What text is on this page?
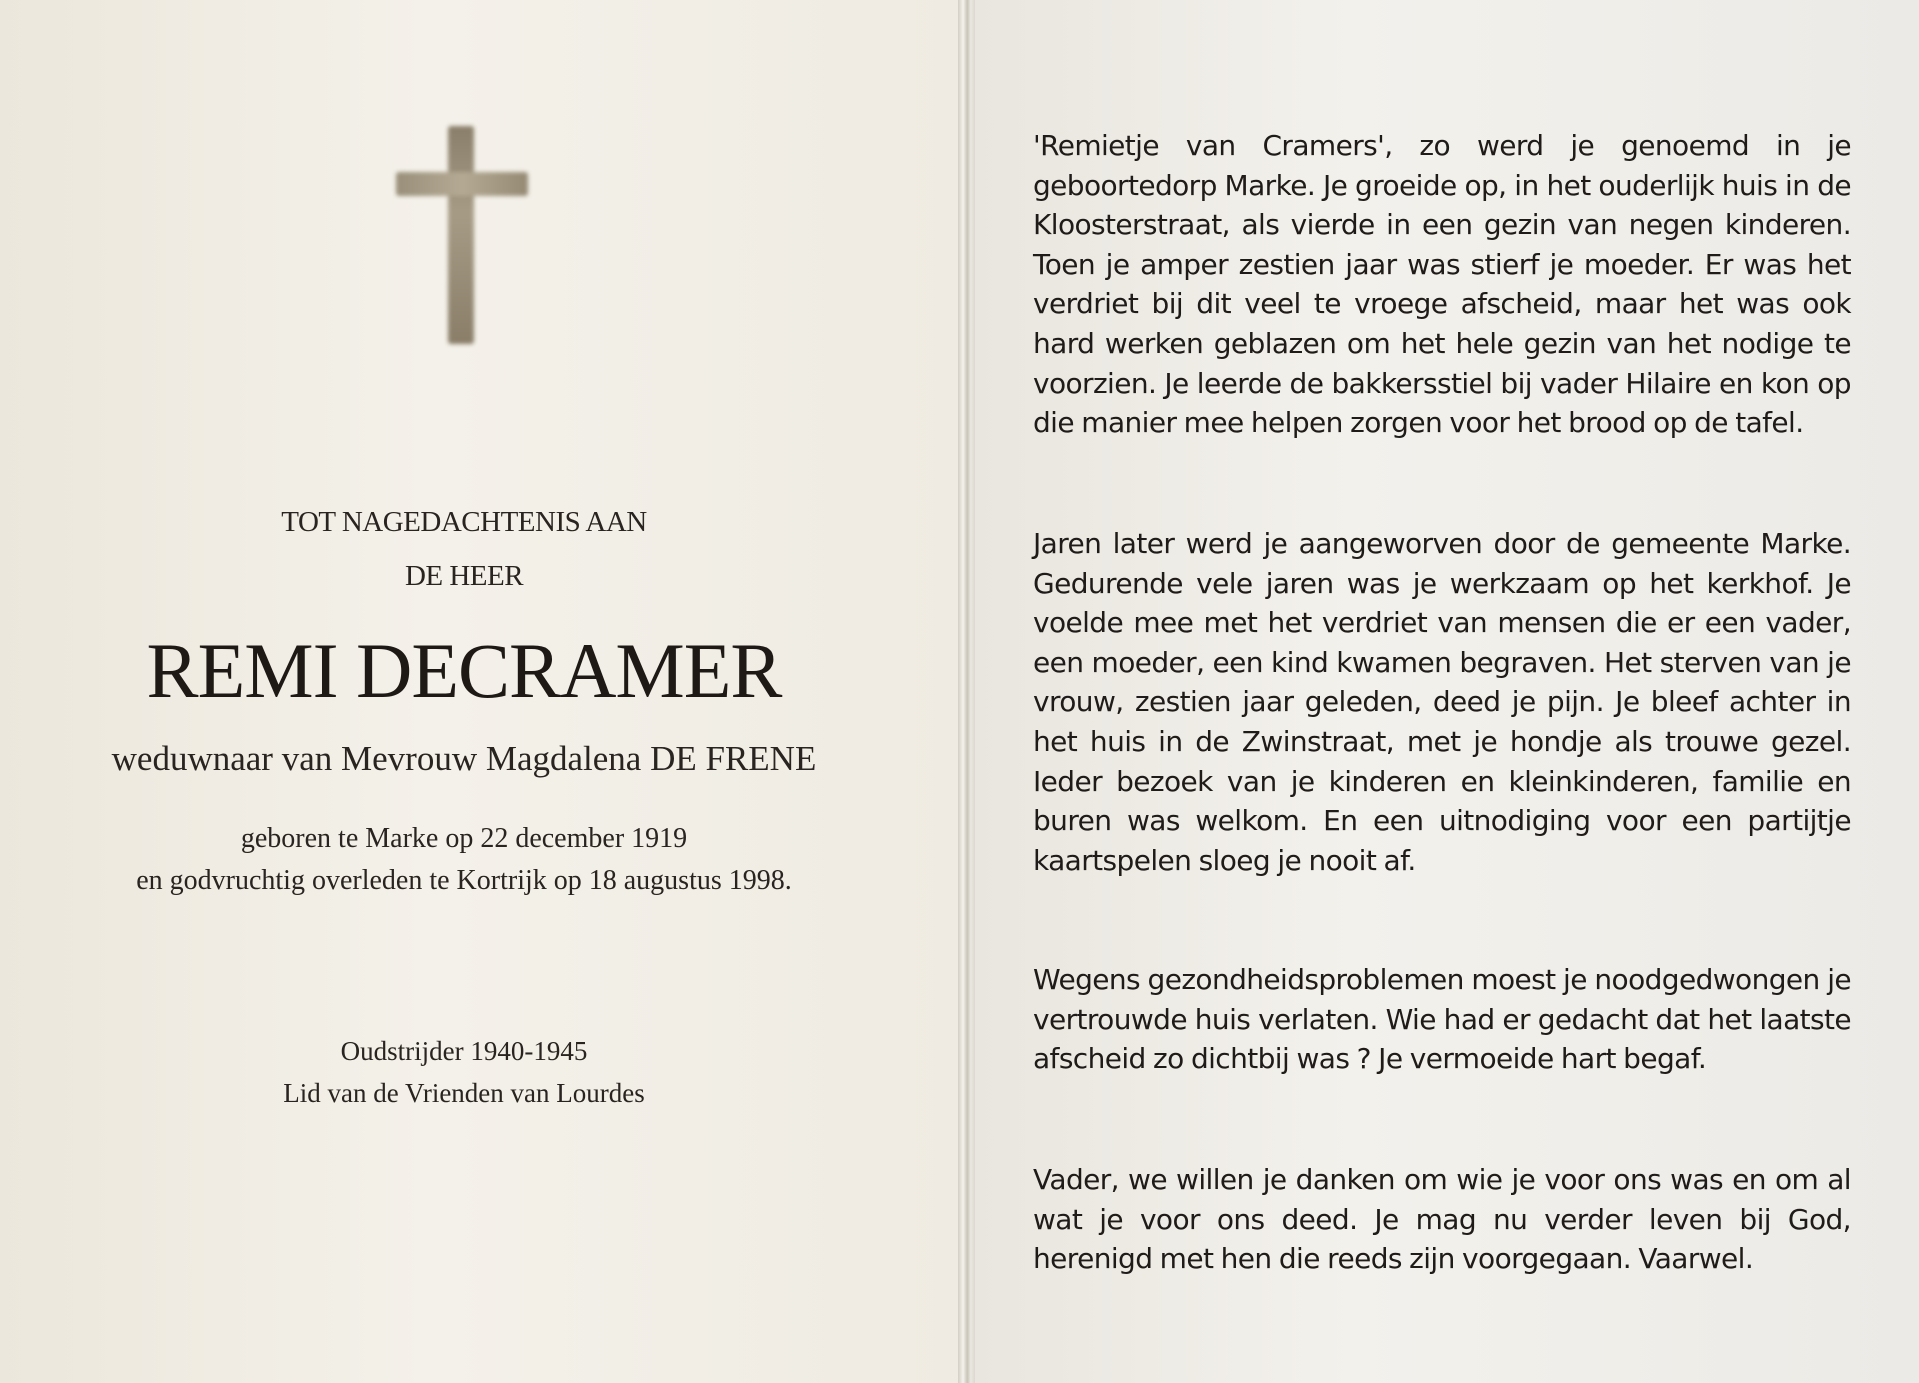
TOT NAGEDACHTENIS AAN
DE HEER
REMI DECRAMER
weduwnaar van Mevrouw Magdalena DE FRENE
geboren te Marke op 22 december 1919
en godvruchtig overleden te Kortrijk op 18 augustus 1998.
Oudstrijder 1940-1945
Lid van de Vrienden van Lourdes

'Remietje van Cramers', zo werd je genoemd in je geboortedorp Marke. Je groeide op, in het ouderlijk huis in de Kloosterstraat, als vierde in een gezin van negen kinderen. Toen je amper zestien jaar was stierf je moeder. Er was het verdriet bij dit veel te vroege afscheid, maar het was ook hard werken geblazen om het hele gezin van het nodige te voorzien. Je leerde de bakkersstiel bij vader Hilaire en kon op die manier mee helpen zorgen voor het brood op de tafel.

Jaren later werd je aangeworven door de gemeente Marke. Gedurende vele jaren was je werkzaam op het kerkhof. Je voelde mee met het verdriet van mensen die er een vader, een moeder, een kind kwamen begraven. Het sterven van je vrouw, zestien jaar geleden, deed je pijn. Je bleef achter in het huis in de Zwinstraat, met je hondje als trouwe gezel. Ieder bezoek van je kinderen en kleinkinderen, familie en buren was welkom. En een uitnodiging voor een partijtje kaartspelen sloeg je nooit af.

Wegens gezondheidsproblemen moest je noodgedwongen je vertrouwde huis verlaten. Wie had er gedacht dat het laatste afscheid zo dichtbij was ? Je vermoeide hart begaf.

Vader, we willen je danken om wie je voor ons was en om al wat je voor ons deed. Je mag nu verder leven bij God, herenigd met hen die reeds zijn voorgegaan. Vaarwel.
